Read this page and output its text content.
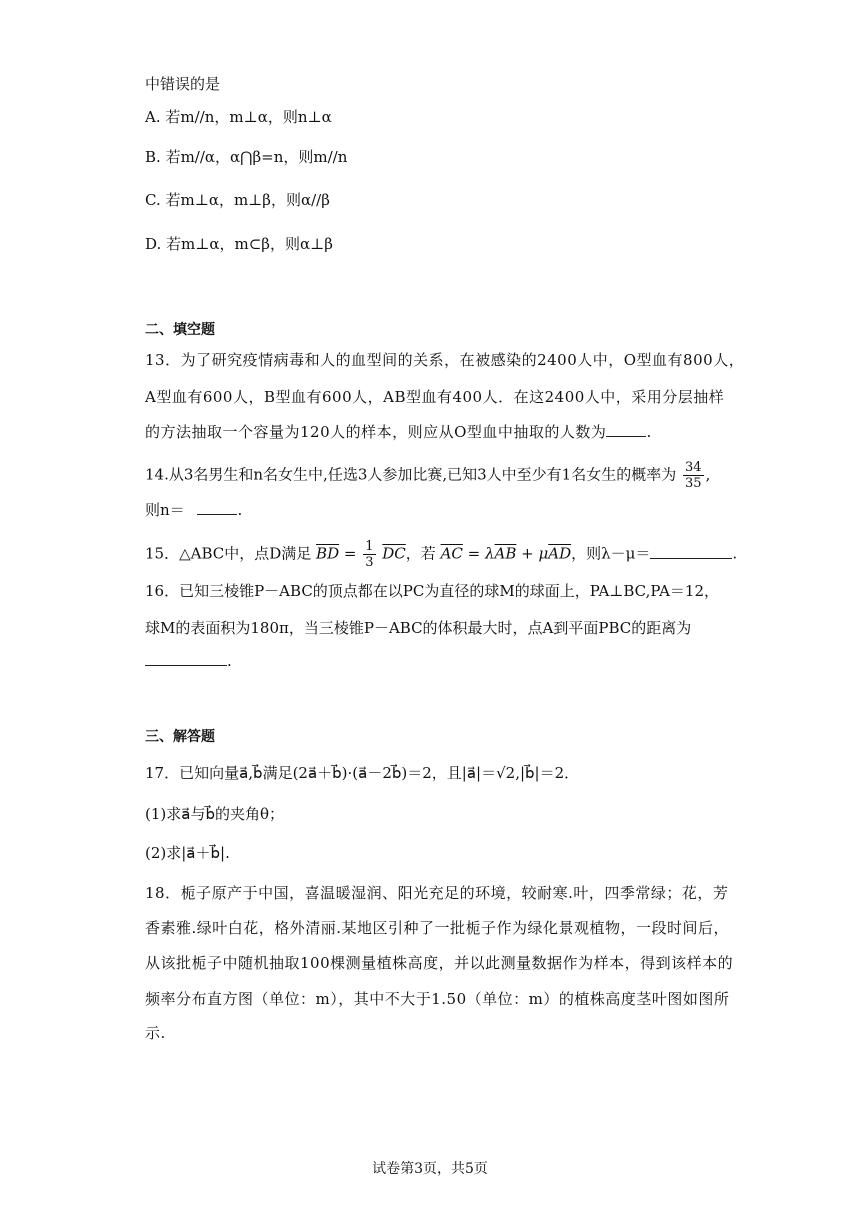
中错误的是
A. 若m//n，m⊥α，则n⊥α
B. 若m//α，α⋂β=n，则m//n
C. 若m⊥α，m⊥β，则α//β
D. 若m⊥α，m⊂β，则α⊥β
二、填空题
13．为了研究疫情病毒和人的血型间的关系，在被感染的2400人中，O型血有800人，
A型血有600人，B型血有600人，AB型血有400人．在这2400人中，采用分层抽样
的方法抽取一个容量为120人的样本，则应从O型血中抽取的人数为	.
14.从3名男生和n名女生中,任选3人参加比赛,已知3人中至少有1名女生的概率为 $\frac{34}{35}$ ,
则n＝	.
15．△ABC中，点D满足 $\overline{BD} = \frac{1}{3} \overline{DC}$，若 $\overline{AC} = \lambda\overline{AB} + \mu\overline{AD}$，则λ－μ＝	.
16．已知三棱锥P－ABC的顶点都在以PC为直径的球M的球面上，PA⊥BC,PA＝12，
球M的表面积为180π，当三棱锥P－ABC的体积最大时，点A到平面PBC的距离为
.
三、解答题
17．已知向量a⃗,b⃗满足(2a⃗＋b⃗)·(a⃗－2b⃗)＝2，且|a⃗|＝√2,|b⃗|＝2．
(1)求a⃗与b⃗的夹角θ；
(2)求|a⃗＋b⃗|.
18．栀子原产于中国，喜温暖湿润、阳光充足的环境，较耐寒.叶，四季常绿；花，芳
香素雅.绿叶白花，格外清丽.某地区引种了一批栀子作为绿化景观植物，一段时间后，
从该批栀子中随机抽取100棵测量植株高度，并以此测量数据作为样本，得到该样本的
频率分布直方图（单位：m），其中不大于1.50（单位：m）的植株高度茎叶图如图所
示.
试卷第3页，共5页
